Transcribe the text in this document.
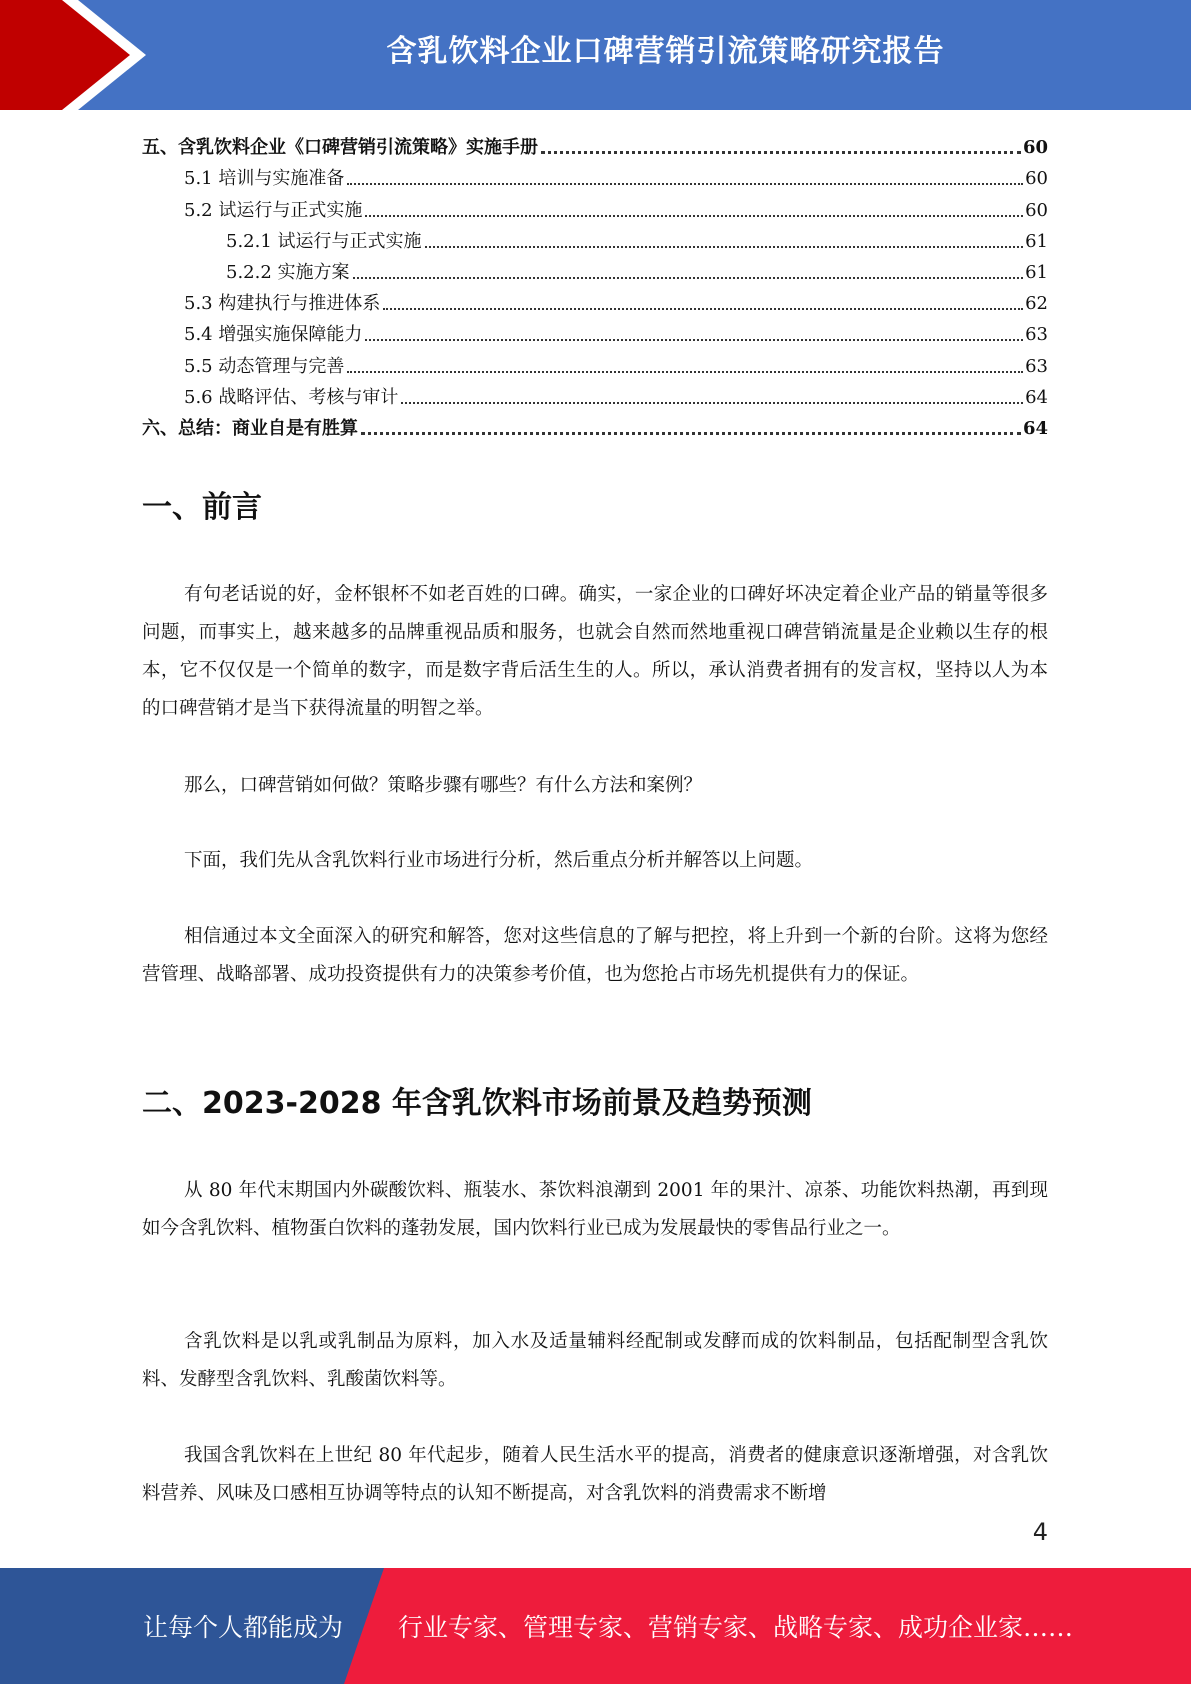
含乳饮料企业口碑营销引流策略研究报告
五、含乳饮料企业《口碑营销引流策略》实施手册	60
5.1 培训与实施准备	60
5.2 试运行与正式实施	60
5.2.1 试运行与正式实施	61
5.2.2 实施方案	61
5.3 构建执行与推进体系	62
5.4 增强实施保障能力	63
5.5 动态管理与完善	63
5.6 战略评估、考核与审计	64
六、总结：商业自是有胜算	64
一、前言

有句老话说的好，金杯银杯不如老百姓的口碑。确实，一家企业的口碑好坏决定着企业产品的销量等很多问题，而事实上，越来越多的品牌重视品质和服务，也就会自然而然地重视口碑营销流量是企业赖以生存的根本，它不仅仅是一个简单的数字，而是数字背后活生生的人。所以，承认消费者拥有的发言权，坚持以人为本的口碑营销才是当下获得流量的明智之举。

那么，口碑营销如何做？策略步骤有哪些？有什么方法和案例？

下面，我们先从含乳饮料行业市场进行分析，然后重点分析并解答以上问题。

相信通过本文全面深入的研究和解答，您对这些信息的了解与把控，将上升到一个新的台阶。这将为您经营管理、战略部署、成功投资提供有力的决策参考价值，也为您抢占市场先机提供有力的保证。

二、2023-2028 年含乳饮料市场前景及趋势预测

从 80 年代末期国内外碳酸饮料、瓶装水、茶饮料浪潮到 2001 年的果汁、凉茶、功能饮料热潮，再到现如今含乳饮料、植物蛋白饮料的蓬勃发展，国内饮料行业已成为发展最快的零售品行业之一。

含乳饮料是以乳或乳制品为原料，加入水及适量辅料经配制或发酵而成的饮料制品，包括配制型含乳饮料、发酵型含乳饮料、乳酸菌饮料等。

我国含乳饮料在上世纪 80 年代起步，随着人民生活水平的提高，消费者的健康意识逐渐增强，对含乳饮料营养、风味及口感相互协调等特点的认知不断提高，对含乳饮料的消费需求不断增

4
让每个人都能成为 行业专家、管理专家、营销专家、战略专家、成功企业家……
